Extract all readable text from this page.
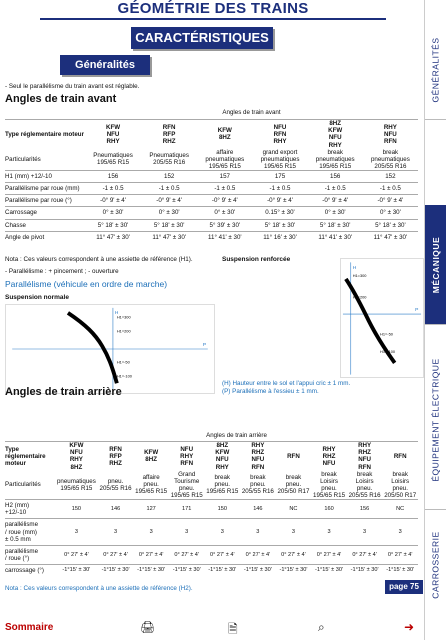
GÉOMÉTRIE DES TRAINS
GÉNÉRALITÉS
MÉCANIQUE
ÉQUIPEMENT ÉLECTRIQUE
CARROSSERIE
CARACTÉRISTIQUES
Généralités
- Seul le parallélisme du train avant est réglable.
Angles de train avant
	Angles de train avant					
Type réglementaire moteur	KFW
NFU
RHY	RFN
RFP
RHZ	KFW
8HZ	NFU
RFN
RHY	8HZ
KFW
NFU
RHY	RHY
NFU
RFN
Particularités	Pneumatiques
195/65 R15	Pneumatiques
205/55 R16	affaire
pneumatiques
195/65 R15	grand export
pneumatiques
195/65 R15	break
pneumatiques
195/65 R15	break
pneumatiques
205/55 R16
H1 (mm) +12/-10	156	152	157	175	156	152
Parallélisme par roue (mm)	-1 ± 0.5	-1 ± 0.5	-1 ± 0.5	-1 ± 0.5	-1 ± 0.5	-1 ± 0.5
Parallélisme par roue (°)	-0° 9' ± 4'	-0° 9' ± 4'	-0° 9' ± 4'	-0° 9' ± 4'	-0° 9' ± 4'	-0° 9' ± 4'
Carrossage	0° ± 30'	0° ± 30'	0° ± 30'	0.15° ± 30'	0° ± 30'	0° ± 30'
Chasse	5° 18' ± 30'	5° 18' ± 30'	5° 39' ± 30'	5° 18' ± 30'	5° 18' ± 30'	5° 18' ± 30'
Angle de pivot	11° 47' ± 30'	11° 47' ± 30'	11° 41' ± 30'	11° 16' ± 30'	11° 41' ± 30'	11° 47' ± 30'
Nota : Ces valeurs correspondent à une assiette de référence (H1).
- Parallélisme : + pincement ; - ouverture
Suspension renforcée
Parallélisme (véhicule en ordre de marche)
Suspension normale
H
P
H1=300
H1=200
H1=-50
H1=-100
H
P
H1=300
H1=200
H1=-50
H1=-100
(H) Hauteur entre le sol et l'appui cric ± 1 mm.
(P) Parallélisme à l'essieu ± 1 mm.
Angles de train arrière
	Angles de train arrière									
Type réglementaire moteur	KFW
NFU
RHY
8HZ	RFN
RFP
RHZ	KFW
8HZ	NFU
RHY
RFN	8HZ
KFW
NFU
RHY	RHY
RHZ
NFU
RFN	RFN	RHY
RHZ
NFU	RHY
RHZ
NFU
RFN	RFN
Particularités	pneumatiques
195/65 R15	pneu.
205/55 R16	affaire
pneu.
195/65 R15	Grand
Tourisme
pneu.
195/65 R15	break
pneu.
195/65 R15	break
pneu.
205/55 R16	break
pneu.
205/50 R17	break
Loisirs
pneu.
195/65 R15	break
Loisirs
pneu.
205/55 R16	break
Loisirs
pneu.
205/50 R17
H2 (mm)
+12/-10	150	146	127	171	150	146	NC	160	156	NC
parallélisme
/ roue (mm)
± 0.5 mm	3	3	3	3	3	3	3	3	3	3
parallélisme
/ roue (°)	0° 27' ± 4'	0° 27' ± 4'	0° 27' ± 4'	0° 27' ± 4'	0° 27' ± 4'	0° 27' ± 4'	0° 27' ± 4'	0° 27' ± 4'	0° 27' ± 4'	0° 27' ± 4'
carrossage (°)	-1°15' ± 30'	-1°15' ± 30'	-1°15' ± 30'	-1°15' ± 30'	-1°15' ± 30'	-1°15' ± 30'	-1°15' ± 30'	-1°15' ± 30'	-1°15' ± 30'	-1°15' ± 30'
Nota : Ces valeurs correspondent à une assiette de référence (H2).	page 75
Sommaire	🖨	🗎	⌕	➜
